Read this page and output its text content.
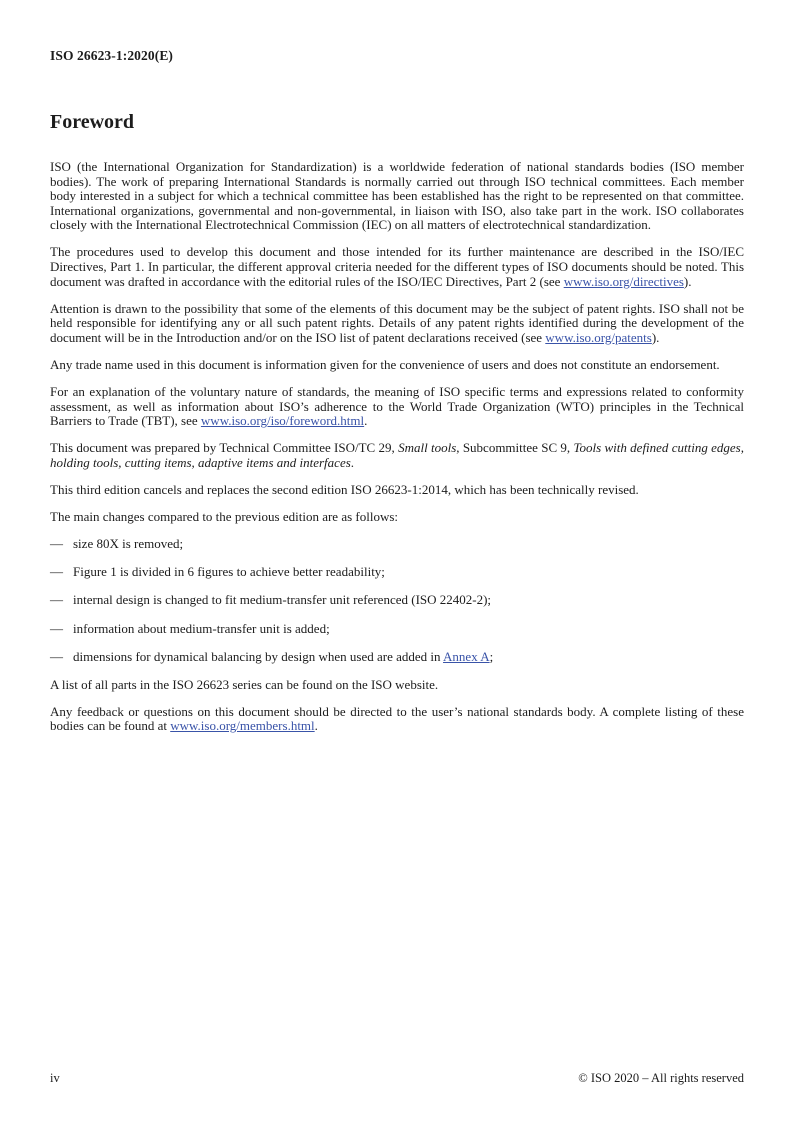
ISO 26623-1:2020(E)
Foreword

ISO (the International Organization for Standardization) is a worldwide federation of national standards bodies (ISO member bodies). The work of preparing International Standards is normally carried out through ISO technical committees. Each member body interested in a subject for which a technical committee has been established has the right to be represented on that committee. International organizations, governmental and non-governmental, in liaison with ISO, also take part in the work. ISO collaborates closely with the International Electrotechnical Commission (IEC) on all matters of electrotechnical standardization.

The procedures used to develop this document and those intended for its further maintenance are described in the ISO/IEC Directives, Part 1. In particular, the different approval criteria needed for the different types of ISO documents should be noted. This document was drafted in accordance with the editorial rules of the ISO/IEC Directives, Part 2 (see www.iso.org/directives).

Attention is drawn to the possibility that some of the elements of this document may be the subject of patent rights. ISO shall not be held responsible for identifying any or all such patent rights. Details of any patent rights identified during the development of the document will be in the Introduction and/or on the ISO list of patent declarations received (see www.iso.org/patents).

Any trade name used in this document is information given for the convenience of users and does not constitute an endorsement.

For an explanation of the voluntary nature of standards, the meaning of ISO specific terms and expressions related to conformity assessment, as well as information about ISO’s adherence to the World Trade Organization (WTO) principles in the Technical Barriers to Trade (TBT), see www.iso.org/iso/foreword.html.

This document was prepared by Technical Committee ISO/TC 29, Small tools, Subcommittee SC 9, Tools with defined cutting edges, holding tools, cutting items, adaptive items and interfaces.

This third edition cancels and replaces the second edition ISO 26623-1:2014, which has been technically revised.

The main changes compared to the previous edition are as follows:

— size 80X is removed;
— Figure 1 is divided in 6 figures to achieve better readability;
— internal design is changed to fit medium-transfer unit referenced (ISO 22402-2);
— information about medium-transfer unit is added;
— dimensions for dynamical balancing by design when used are added in Annex A;

A list of all parts in the ISO 26623 series can be found on the ISO website.

Any feedback or questions on this document should be directed to the user’s national standards body. A complete listing of these bodies can be found at www.iso.org/members.html.

iv	© ISO 2020 – All rights reserved
